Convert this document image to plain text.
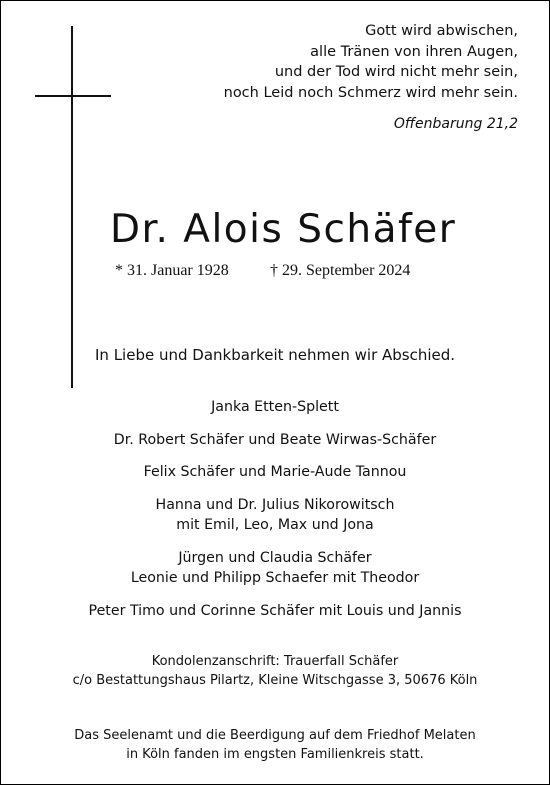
Gott wird abwischen,
alle Tränen von ihren Augen,
und der Tod wird nicht mehr sein,
noch Leid noch Schmerz wird mehr sein.
Offenbarung 21,2
Dr. Alois Schäfer
* 31. Januar 1928	† 29. September 2024
In Liebe und Dankbarkeit nehmen wir Abschied.
Janka Etten-Splett
Dr. Robert Schäfer und Beate Wirwas-Schäfer
Felix Schäfer und Marie-Aude Tannou
Hanna und Dr. Julius Nikorowitsch
mit Emil, Leo, Max und Jona
Jürgen und Claudia Schäfer
Leonie und Philipp Schaefer mit Theodor
Peter Timo und Corinne Schäfer mit Louis und Jannis
Kondolenzanschrift: Trauerfall Schäfer
c/o Bestattungshaus Pilartz, Kleine Witschgasse 3, 50676 Köln
Das Seelenamt und die Beerdigung auf dem Friedhof Melaten
in Köln fanden im engsten Familienkreis statt.
